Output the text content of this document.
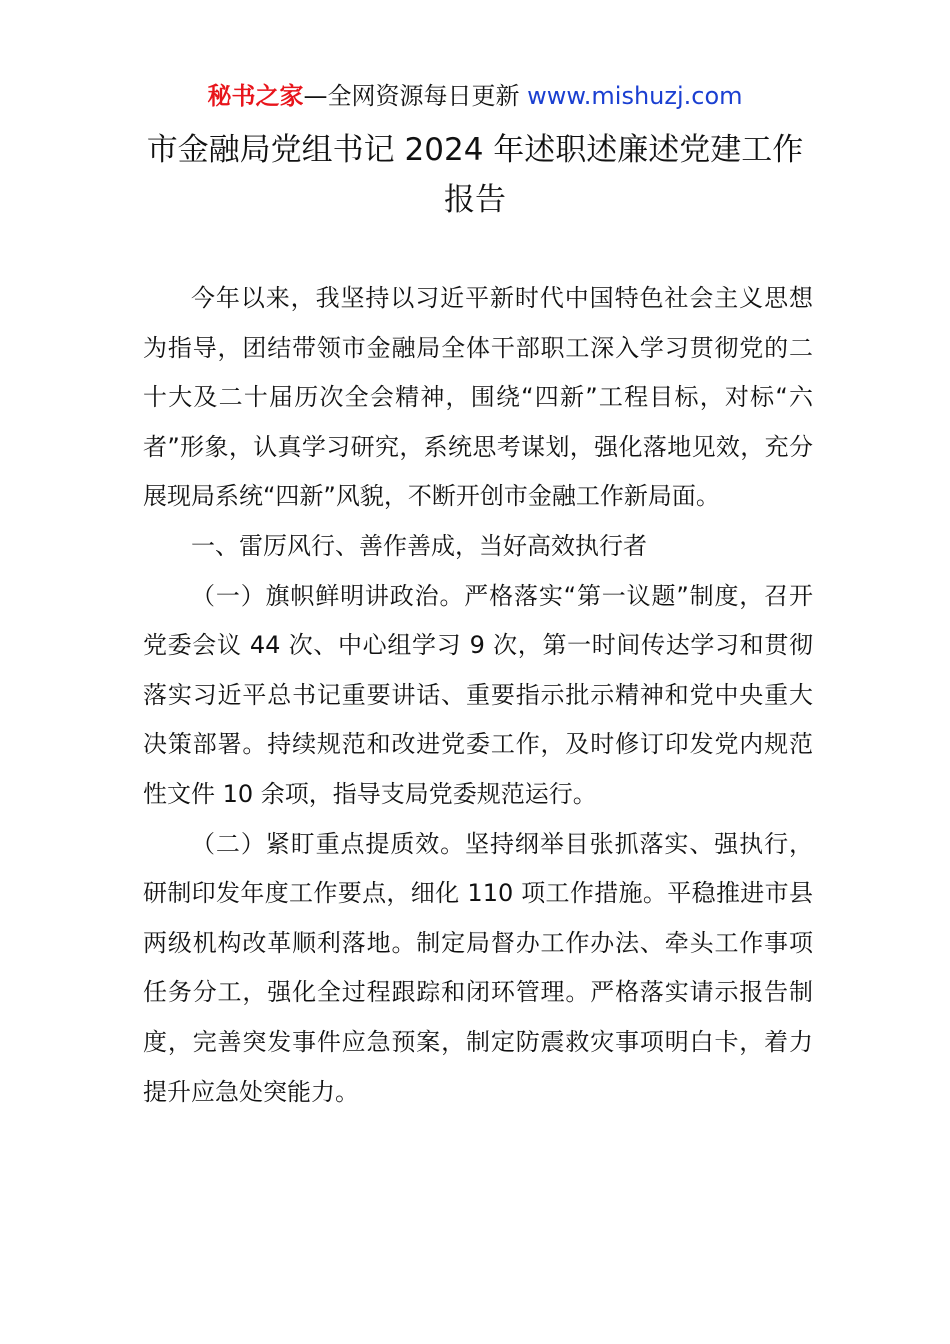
秘书之家—全网资源每日更新 www.mishuzj.com
市金融局党组书记 2024 年述职述廉述党建工作
报告

今年以来，我坚持以习近平新时代中国特色社会主义思想为指导，团结带领市金融局全体干部职工深入学习贯彻党的二十大及二十届历次全会精神，围绕“四新”工程目标，对标“六者”形象，认真学习研究，系统思考谋划，强化落地见效，充分展现局系统“四新”风貌，不断开创市金融工作新局面。

一、雷厉风行、善作善成，当好高效执行者

（一）旗帜鲜明讲政治。严格落实“第一议题”制度，召开党委会议 44 次、中心组学习 9 次，第一时间传达学习和贯彻落实习近平总书记重要讲话、重要指示批示精神和党中央重大决策部署。持续规范和改进党委工作，及时修订印发党内规范性文件 10 余项，指导支局党委规范运行。

（二）紧盯重点提质效。坚持纲举目张抓落实、强执行，研制印发年度工作要点，细化 110 项工作措施。平稳推进市县两级机构改革顺利落地。制定局督办工作办法、牵头工作事项任务分工，强化全过程跟踪和闭环管理。严格落实请示报告制度，完善突发事件应急预案，制定防震救灾事项明白卡，着力提升应急处突能力。
